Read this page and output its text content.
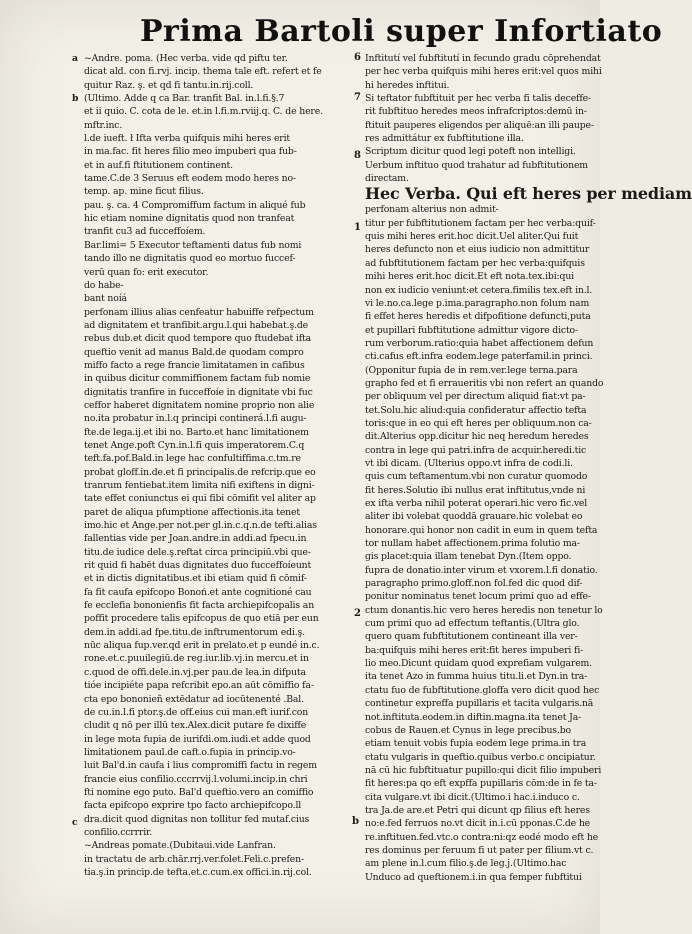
Prima Bartoli super Infortiato

~Andre. poma. (Hec verba. vide qd piftu ter.

dicat ald. con fi.rvj. incip. thema tale eft. refert et fe

quitur Raz. ş. et qd fi tantu.in.rij.coll.

(Ultimo. Adde q ca Bar. tranfit Bal. in.l.fi.§.7

et ii quio. C. cota de le. et.in l.fi.m.rviij.q. C. de here.

mftr.inc.

l.de iueft. ł Ifta verba quifquis mihi heres erit

in ma.fac. fit heres filio meo impuberi qua fub-

et in auf.fi ftitutionem continent.

tame.C.de 3 Seruus eft eodem modo heres no-

temp. ap. mine ficut filius.

pau. ş. ca. 4 Compromiffum factum in aliqué fub

hic etiam nomine dignitatis quod non tranfeat

tranfit cu3 ad fucceffoíem.

Bar.limi= 5 Executor teftamenti datus fub nomi

tando illo ne dignitatis quod eo mortuo fuccef-

verū quan fo: erit executor.

do habe-

bant noíá

perfonam illius alias cenfeatur habuiffe refpectum

ad dignitatem et tranfibit.argu.l.qui habebat.ş.de

rebus dub.et dicit quod tempore quo ftudebat ifta

queftio venit ad manus Bald.de quodam compro

miffo facto a rege francie limitatamen in cafibus

in quibus dicitur commiffionem factam fub nomie

dignitatis tranfire in fucceffoíe in dignitate vbi fuc

ceffor haberet dignitatem nomine proprio non alie

no.ita probatur in.l.q principi continerá.l.fi augu-

fte.de lega.ij.et ibi no. Barto.et hanc limitationem

tenet Ange.poft Cyn.in.l.fi quis imperatorem.C.q

teft.fa.pof.Bald.in lege hac confultiffima.c.tm.re

probat gloff.in.de.et fi principalis.de refcrip.que eo

tranrum fentiebat.item limita nifi exiftens in digni-

tate effet coniunctus ei qui fibi cōmifit vel aliter ap

paret de aliqua pfumptione affectionis.ita tenet

imo.hic et Ange.per not.per gl.in.c.q.n.de tefti.alias

fallentias vide per Joan.andre.in addi.ad fpecu.in

titu.de iudice dele.ş.reftat circa principiū.vbi que-

rit quid fi habēt duas dignitates duo fucceffoíeunt

et in dictis dignitatibus.et ibi etiam quid fi cōmif-

fa fit caufa epifcopo Bonoń.et ante cognitioné cau

fe ecclefia bononienfis fit facta archiepifcopalis an

poffit procedere talis epifcopus de quo etiā per eun

dem.in addi.ad fpe.titu.de inftrumentorum edi.ş.

nūc aliqua fup.ver.qd erit in prelato.et p eundé in.c.

rone.et.c.puuilegiū.de reg.iur.lib.vj.in mercu.et in

c.quod de offi.dele.in.vj.per pau.de lea.in difputa

tióe incipiéte papa refcribit epo.an aūt cōmiffio fa-

cta epo bononieñ extēdatur ad iocūtenenté .Bal.

de cu.in.l.fi ptor.ş.de off.eius cui man.eft iurif.con

cludit q nō per illū tex.Alex.dicit putare fe dixiffe

in lege mota fupia de iurifdi.om.iudi.et adde quod

limitationem paul.de caft.o.fupia in princip.vo-

luit Bal'd.in caufa i lius compromiffi factu in regem

francie eius confilio.cccrrvij.l.volumi.incip.in chri

fti nomine ego puto. Bal'd queftio.vero an comiffio

facta epifcopo exprire tpo facto archiepifcopo.ll

dra.dicit quod dignitas non tollitur fed mutaf.cius

confilio.ccrrrir.

~Andreas pomate.(Dubitaui.vide Lanfran.

in tractatu de arb.chār.rrj.ver.folet.Feli.c.prefen-

tia.ş.in princip.de tefta.et.c.cum.ex offici.in.rij.col.

Inftitutí vel fubftitutí in fecundo gradu cōprehendat

per hec verba quifquis mihi heres erit:vel quos mihi

hi heredes inftitui.

Si teftator fubftituit per hec verba fi talis deceffe-

rit fubftituo heredes meos infrafcriptos:demū in-

ftituit pauperes eligendos per aliquē:an illi paupe-

res admittátur ex fubftitutione illa.

Scriptum dicitur quod legi poteft non intelligi.

Uerbum inftituo quod trahatur ad fubftitutionem

directam.

Hec Verba. Qui eft heres per mediam

perfonam alterius non admit-

titur per fubftitutionem factam per hec verba:quif-

quis mihi heres erit.hoc dicit.Uel aliter.Qui fuit

heres defuncto non et eius iudicio non admittitur

ad fubftitutionem factam per hec verba:quifquis

mihi heres erit.hoc dicit.Et eft nota.tex.ibi:qui

non ex iudicio veniunt:et cetera.fimilis tex.eft in.l.

vi le.no.ca.lege p.ima.paragrapho.non folum nam

fi effet heres heredis et difpofitione defuncti,puta

et pupillari fubftitutione admittur vigore dicto-

rum verborum.ratio:quia habet affectionem defun

cti.cafus eft.infra eodem.lege paterfamil.in princi.

(Opponitur fupia de in rem.ver.lege terna.para

grapho fed et fi erraueritis vbi non refert an quando

per obliquum vel per directum aliquid fiat:vt pa-

tet.Solu.hic aliud:quia confideratur affectio tefta

toris:que in eo qui eft heres per obliquum.non ca-

dit.Alterius opp.dicitur hic neq heredum heredes

contra in lege qui patri.infra de acquir.heredi.tic

vt ibi dicam. (Ulterius oppo.vt infra de codi.li.

quis cum teftamentum.vbi non curatur quomodo

fit heres.Solutio ibi nullus erat inftitutus,vnde ni

ex ifta verba nihil poterat operari.hic vero fic.vel

aliter ibi volebat quoddā grauare.hic volebat eo

honorare.qui honor non cadit in eum in quem tefta

tor nullam habet affectionem.prima folutio ma-

gis placet:quia illam tenebat Dyn.(Item oppo.

fupra de donatio.inter virum et vxorem.l.fi donatio.

paragrapho primo.gloff.non fol.fed dic quod dif-

ponitur nominatus tenet locum primi quo ad effe-

ctum donantis.hic vero heres heredis non tenetur lo

cum primi quo ad effectum teftantis.(Ultra glo.

quero quam fubftitutionem contineant illa ver-

ba:quifquis mihi heres erit:fit heres impuberi fi-

lio meo.Dicunt quidam quod exprefiam vulgarem.

ita tenet Azo in fumma huius titu.li.et Dyn.in tra-

ctatu fuo de fubftitutione.gloffa vero dicit quod hec

continetur expreffa pupillaris et tacita vulgaris.nā

not.inftituta.eodem.in diftin.magna.ita tenet Ja-

cobus de Rauen.et Cynus in lege precibus.bo

etiam tenuit vobis fupia eodem lege prima.in tra

ctatu vulgaris in queftio.quibus verbo.c oncipiatur.

nā cū hic fubftituatur pupillo:qui dicit filio impuberi

fit heres:pa qo eft expffa pupillaris cōm:de in fe ta-

cita vulgare.vt ibi dicit.(Ultimo.i hac.i.induco c.

tra Ja.de are.et Petri qui dicunt qp filius eft heres

no:e.fed ferruos no.vt dicit in.i.cū pponas.C.de he

re.inftituen.fed.vtc.o contra:ni:qz eodé modo eft he

res dominus per feruum fi ut pater per filium.vt c.

am plene in.l.cum filio.ş.de leg.j.(Ultimo.hac

Unduco ad queftionem.i.in qua femper fubftitui

6
7
8
1
2
b
a
b
c
